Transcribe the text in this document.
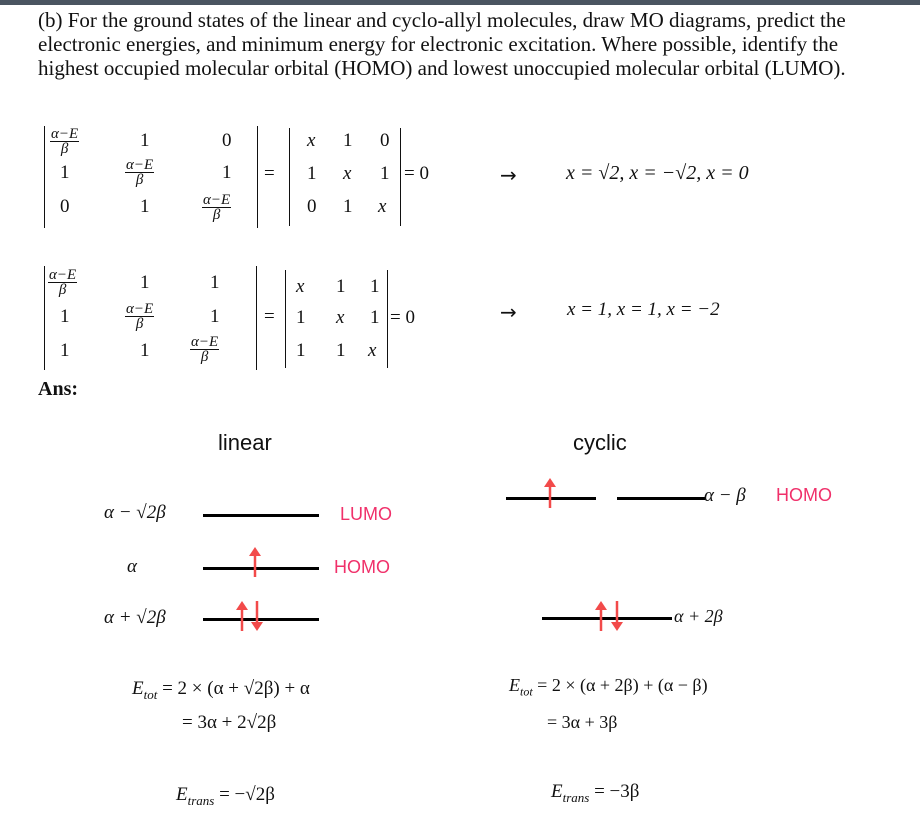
(b) For the ground states of the linear and cyclo-allyl molecules, draw MO diagrams, predict the
electronic energies, and minimum energy for electronic excitation. Where possible, identify the
highest occupied molecular orbital (HOMO) and lowest unoccupied molecular orbital (LUMO).
$\frac{\alpha-E}{\beta}$	1	0
1	$\frac{\alpha-E}{\beta}$	1
0	1	$\frac{\alpha-E}{\beta}$
=
x 1 0
1 x 1
0 1 x
= 0	→ x = √2, x = −√2, x = 0
$\frac{\alpha-E}{\beta}$	1	1
1	$\frac{\alpha-E}{\beta}$	1
1	1	$\frac{\alpha-E}{\beta}$
=
x 1 1
1 x 1
1 1 x
= 0	→	x = 1, x = 1, x = −2
Ans:
linear
α − √2β	LUMO
α	HOMO
α + √2β
$E_{tot} = 2 \times (\alpha + √2\beta) + \alpha$
= 3α + 2√2β
$E_{trans} = -√2\beta$
cyclic
α − β HOMO
α + 2β
$E_{tot} = 2 \times (\alpha + 2\beta) + (\alpha - \beta)$
= 3α + 3β
$E_{trans} = -3\beta$
